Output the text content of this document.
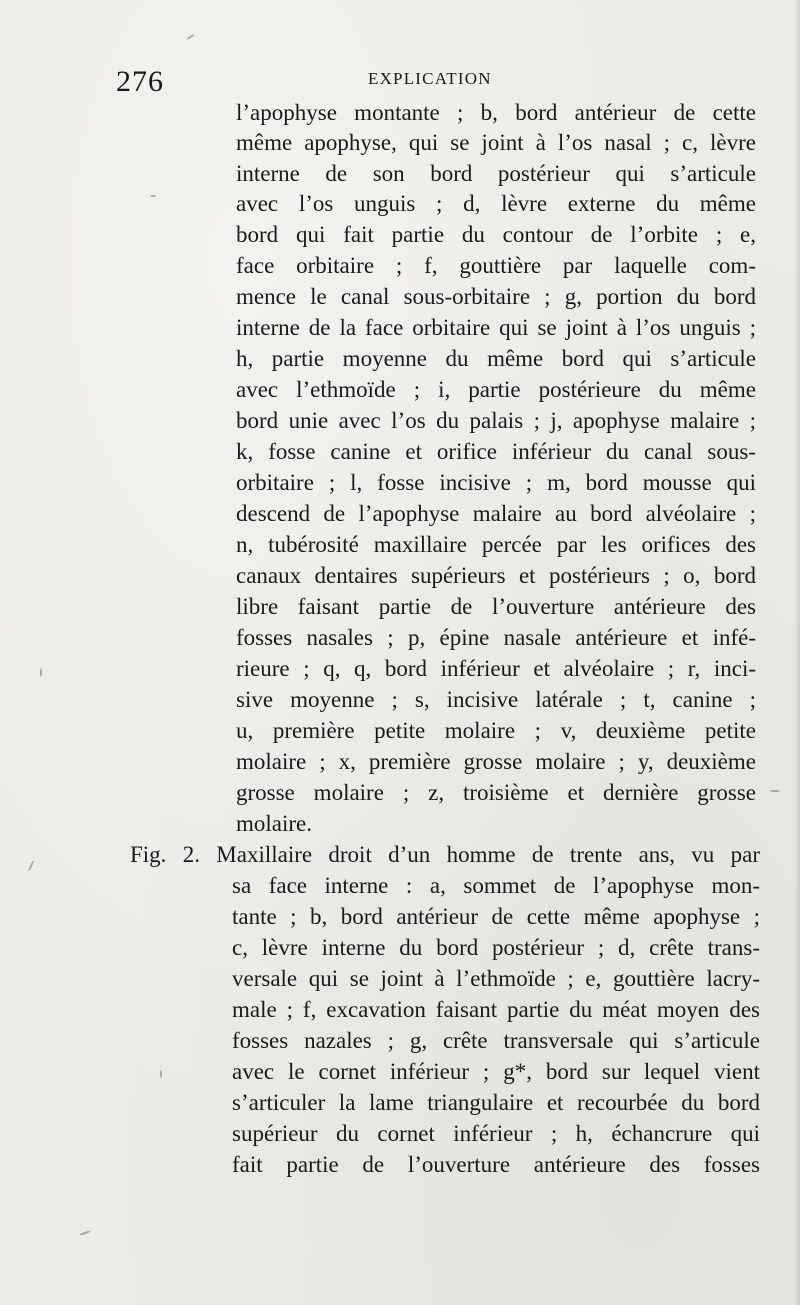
276	EXPLICATION
l’apophyse montante ; b, bord antérieur de cette
même apophyse, qui se joint à l’os nasal ; c, lèvre
interne de son bord postérieur qui s’articule
avec l’os unguis ; d, lèvre externe du même
bord qui fait partie du contour de l’orbite ; e,
face orbitaire ; f, gouttière par laquelle com-
mence le canal sous-orbitaire ; g, portion du bord
interne de la face orbitaire qui se joint à l’os unguis ;
h, partie moyenne du même bord qui s’articule
avec l’ethmoïde ; i, partie postérieure du même
bord unie avec l’os du palais ; j, apophyse malaire ;
k, fosse canine et orifice inférieur du canal sous-
orbitaire ; l, fosse incisive ; m, bord mousse qui
descend de l’apophyse malaire au bord alvéolaire ;
n, tubérosité maxillaire percée par les orifices des
canaux dentaires supérieurs et postérieurs ; o, bord
libre faisant partie de l’ouverture antérieure des
fosses nasales ; p, épine nasale antérieure et infé-
rieure ; q, q, bord inférieur et alvéolaire ; r, inci-
sive moyenne ; s, incisive latérale ; t, canine ;
u, première petite molaire ; v, deuxième petite
molaire ; x, première grosse molaire ; y, deuxième
grosse molaire ; z, troisième et dernière grosse
molaire.
Fig. 2. Maxillaire droit d’un homme de trente ans, vu par
sa face interne : a, sommet de l’apophyse mon-
tante ; b, bord antérieur de cette même apophyse ;
c, lèvre interne du bord postérieur ; d, crête trans-
versale qui se joint à l’ethmoïde ; e, gouttière lacry-
male ; f, excavation faisant partie du méat moyen des
fosses nazales ; g, crête transversale qui s’articule
avec le cornet inférieur ; g*, bord sur lequel vient
s’articuler la lame triangulaire et recourbée du bord
supérieur du cornet inférieur ; h, échancrure qui
fait partie de l’ouverture antérieure des fosses
